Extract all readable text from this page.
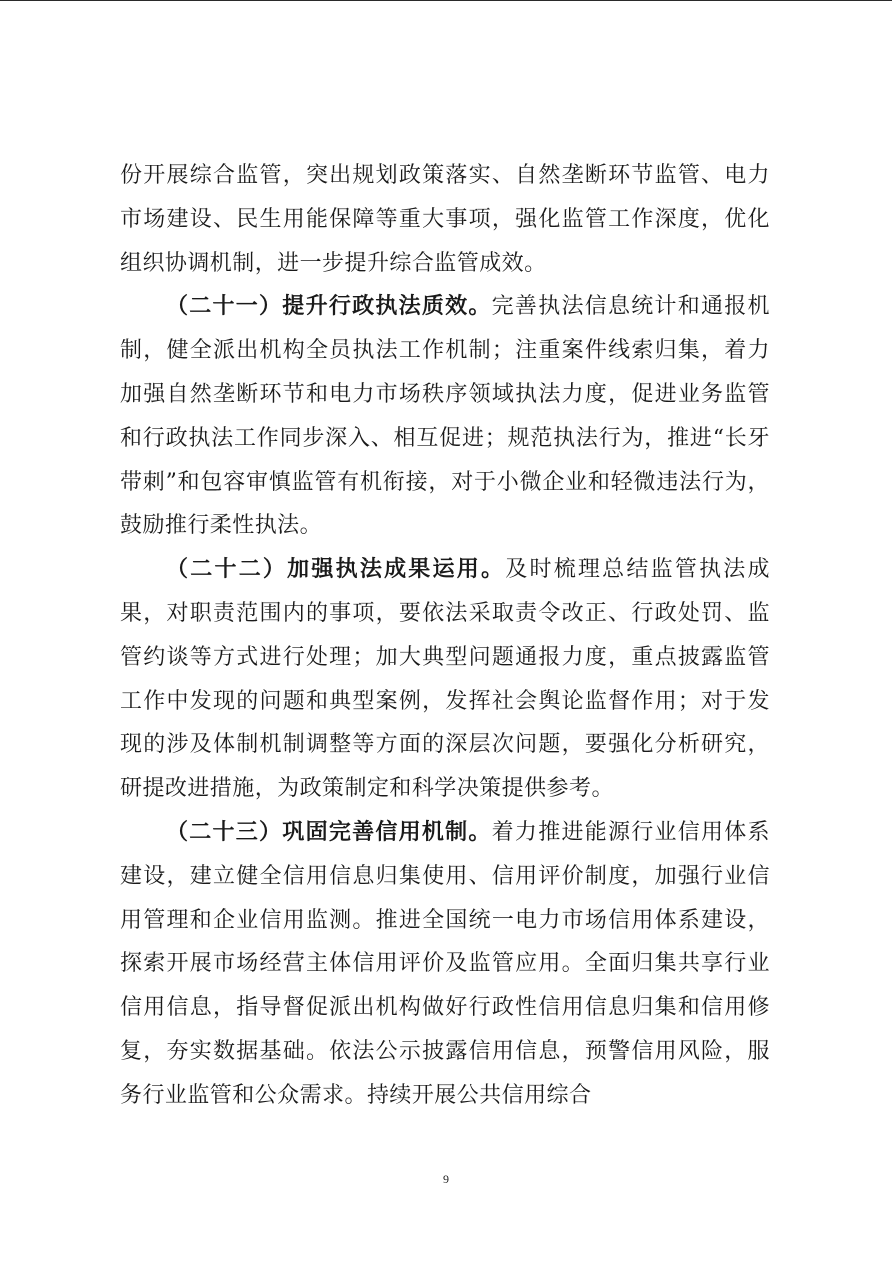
份开展综合监管，突出规划政策落实、自然垄断环节监管、电力市场建设、民生用能保障等重大事项，强化监管工作深度，优化组织协调机制，进一步提升综合监管成效。

（二十一）提升行政执法质效。完善执法信息统计和通报机制，健全派出机构全员执法工作机制；注重案件线索归集，着力加强自然垄断环节和电力市场秩序领域执法力度，促进业务监管和行政执法工作同步深入、相互促进；规范执法行为，推进“长牙带刺”和包容审慎监管有机衔接，对于小微企业和轻微违法行为，鼓励推行柔性执法。

（二十二）加强执法成果运用。及时梳理总结监管执法成果，对职责范围内的事项，要依法采取责令改正、行政处罚、监管约谈等方式进行处理；加大典型问题通报力度，重点披露监管工作中发现的问题和典型案例，发挥社会舆论监督作用；对于发现的涉及体制机制调整等方面的深层次问题，要强化分析研究，研提改进措施，为政策制定和科学决策提供参考。

（二十三）巩固完善信用机制。着力推进能源行业信用体系建设，建立健全信用信息归集使用、信用评价制度，加强行业信用管理和企业信用监测。推进全国统一电力市场信用体系建设，探索开展市场经营主体信用评价及监管应用。全面归集共享行业信用信息，指导督促派出机构做好行政性信用信息归集和信用修复，夯实数据基础。依法公示披露信用信息，预警信用风险，服务行业监管和公众需求。持续开展公共信用综合

9
